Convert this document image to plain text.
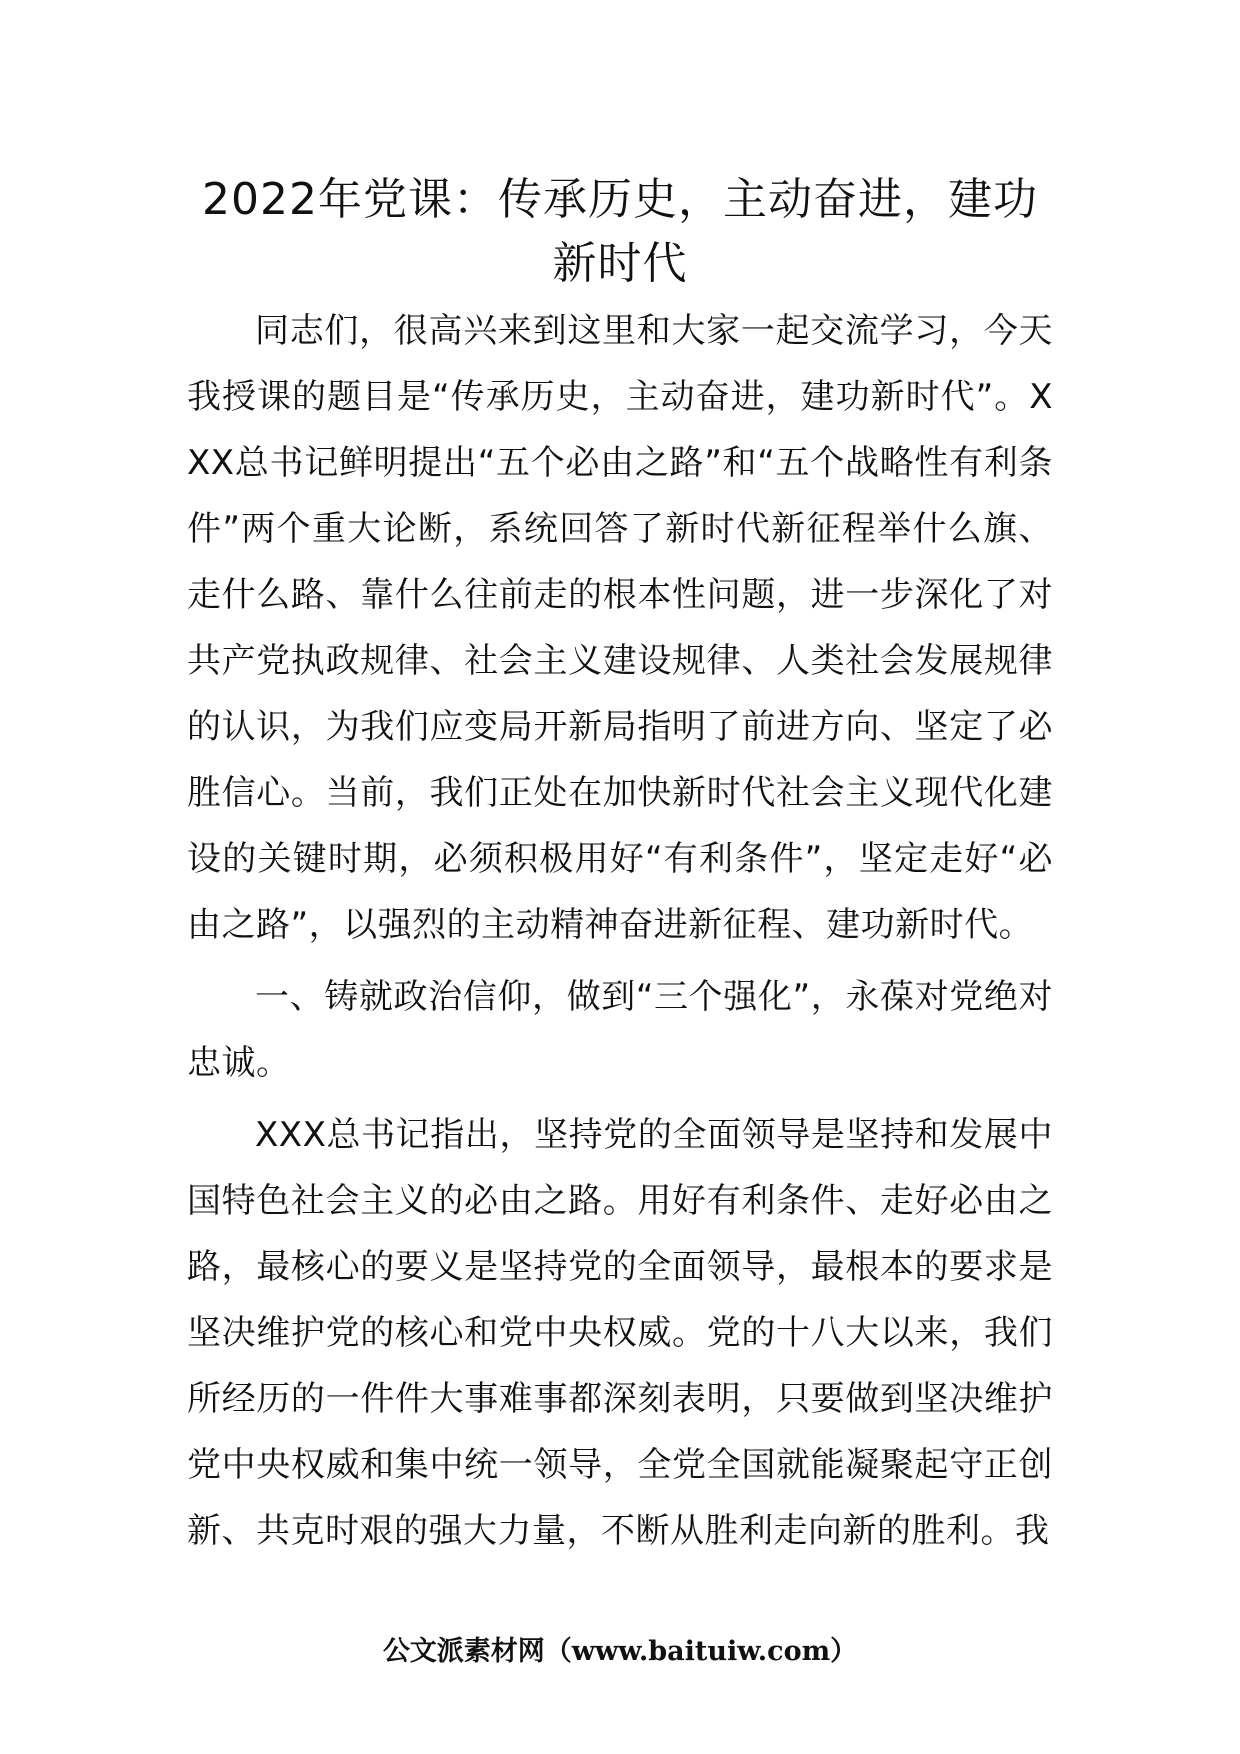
2022年党课：传承历史，主动奋进，建功新时代

同志们，很高兴来到这里和大家一起交流学习，今天我授课的题目是“传承历史，主动奋进，建功新时代”。XXX总书记鲜明提出“五个必由之路”和“五个战略性有利条件”两个重大论断，系统回答了新时代新征程举什么旗、走什么路、靠什么往前走的根本性问题，进一步深化了对共产党执政规律、社会主义建设规律、人类社会发展规律的认识，为我们应变局开新局指明了前进方向、坚定了必胜信心。当前，我们正处在加快新时代社会主义现代化建设的关键时期，必须积极用好“有利条件”，坚定走好“必由之路”，以强烈的主动精神奋进新征程、建功新时代。

一、铸就政治信仰，做到“三个强化”，永葆对党绝对忠诚。

XXX总书记指出，坚持党的全面领导是坚持和发展中国特色社会主义的必由之路。用好有利条件、走好必由之路，最核心的要义是坚持党的全面领导，最根本的要求是坚决维护党的核心和党中央权威。党的十八大以来，我们所经历的一件件大事难事都深刻表明，只要做到坚决维护党中央权威和集中统一领导，全党全国就能凝聚起守正创新、共克时艰的强大力量，不断从胜利走向新的胜利。我

公文派素材网（www.baituiw.com）
